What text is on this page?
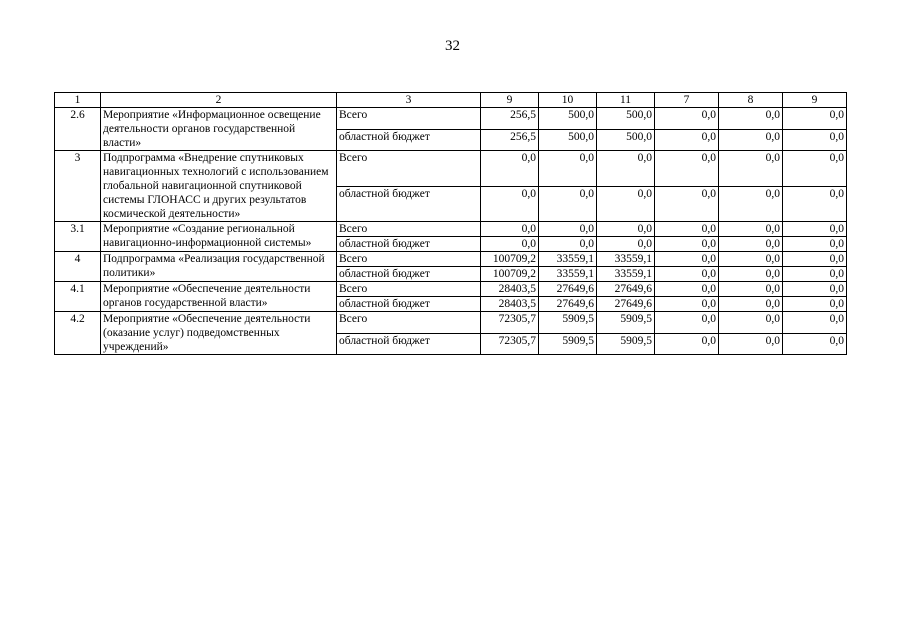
32
1	2	3	9	10	11	7	8	9
2.6	Мероприятие «Информационное освещение деятельности органов государственной власти»	Всего	256,5	500,0	500,0	0,0	0,0	0,0
		областной бюджет	256,5	500,0	500,0	0,0	0,0	0,0
3	Подпрограмма «Внедрение спутниковых навигационных технологий с использованием глобальной навигационной спутниковой системы ГЛОНАСС и других результатов космической деятельности»	Всего	0,0	0,0	0,0	0,0	0,0	0,0
		областной бюджет	0,0	0,0	0,0	0,0	0,0	0,0
3.1	Мероприятие «Создание региональной навигационно-информационной системы»	Всего	0,0	0,0	0,0	0,0	0,0	0,0
		областной бюджет	0,0	0,0	0,0	0,0	0,0	0,0
4	Подпрограмма «Реализация государственной политики»	Всего	100709,2	33559,1	33559,1	0,0	0,0	0,0
		областной бюджет	100709,2	33559,1	33559,1	0,0	0,0	0,0
4.1	Мероприятие «Обеспечение деятельности органов государственной власти»	Всего	28403,5	27649,6	27649,6	0,0	0,0	0,0
		областной бюджет	28403,5	27649,6	27649,6	0,0	0,0	0,0
4.2	Мероприятие «Обеспечение деятельности (оказание услуг) подведомственных учреждений»	Всего	72305,7	5909,5	5909,5	0,0	0,0	0,0
		областной бюджет	72305,7	5909,5	5909,5	0,0	0,0	0,0
